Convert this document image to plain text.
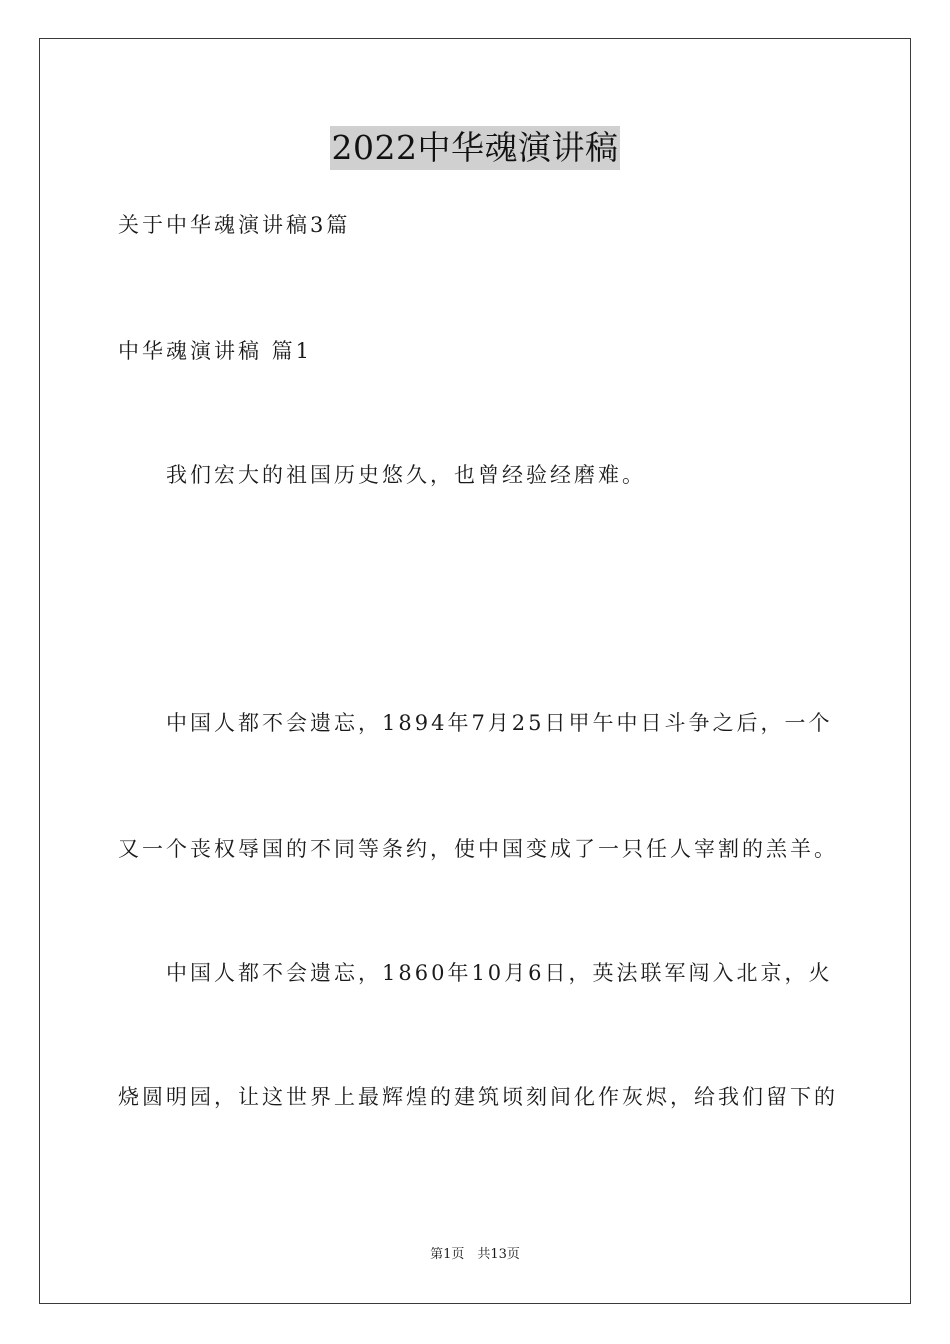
2022中华魂演讲稿
关于中华魂演讲稿3篇
中华魂演讲稿 篇1
我们宏大的祖国历史悠久，也曾经验经磨难。
中国人都不会遗忘，1894年7月25日甲午中日斗争之后，一个
又一个丧权辱国的不同等条约，使中国变成了一只任人宰割的羔羊。
中国人都不会遗忘，1860年10月6日，英法联军闯入北京，火
烧圆明园，让这世界上最辉煌的建筑顷刻间化作灰烬，给我们留下的
第1页　共13页
